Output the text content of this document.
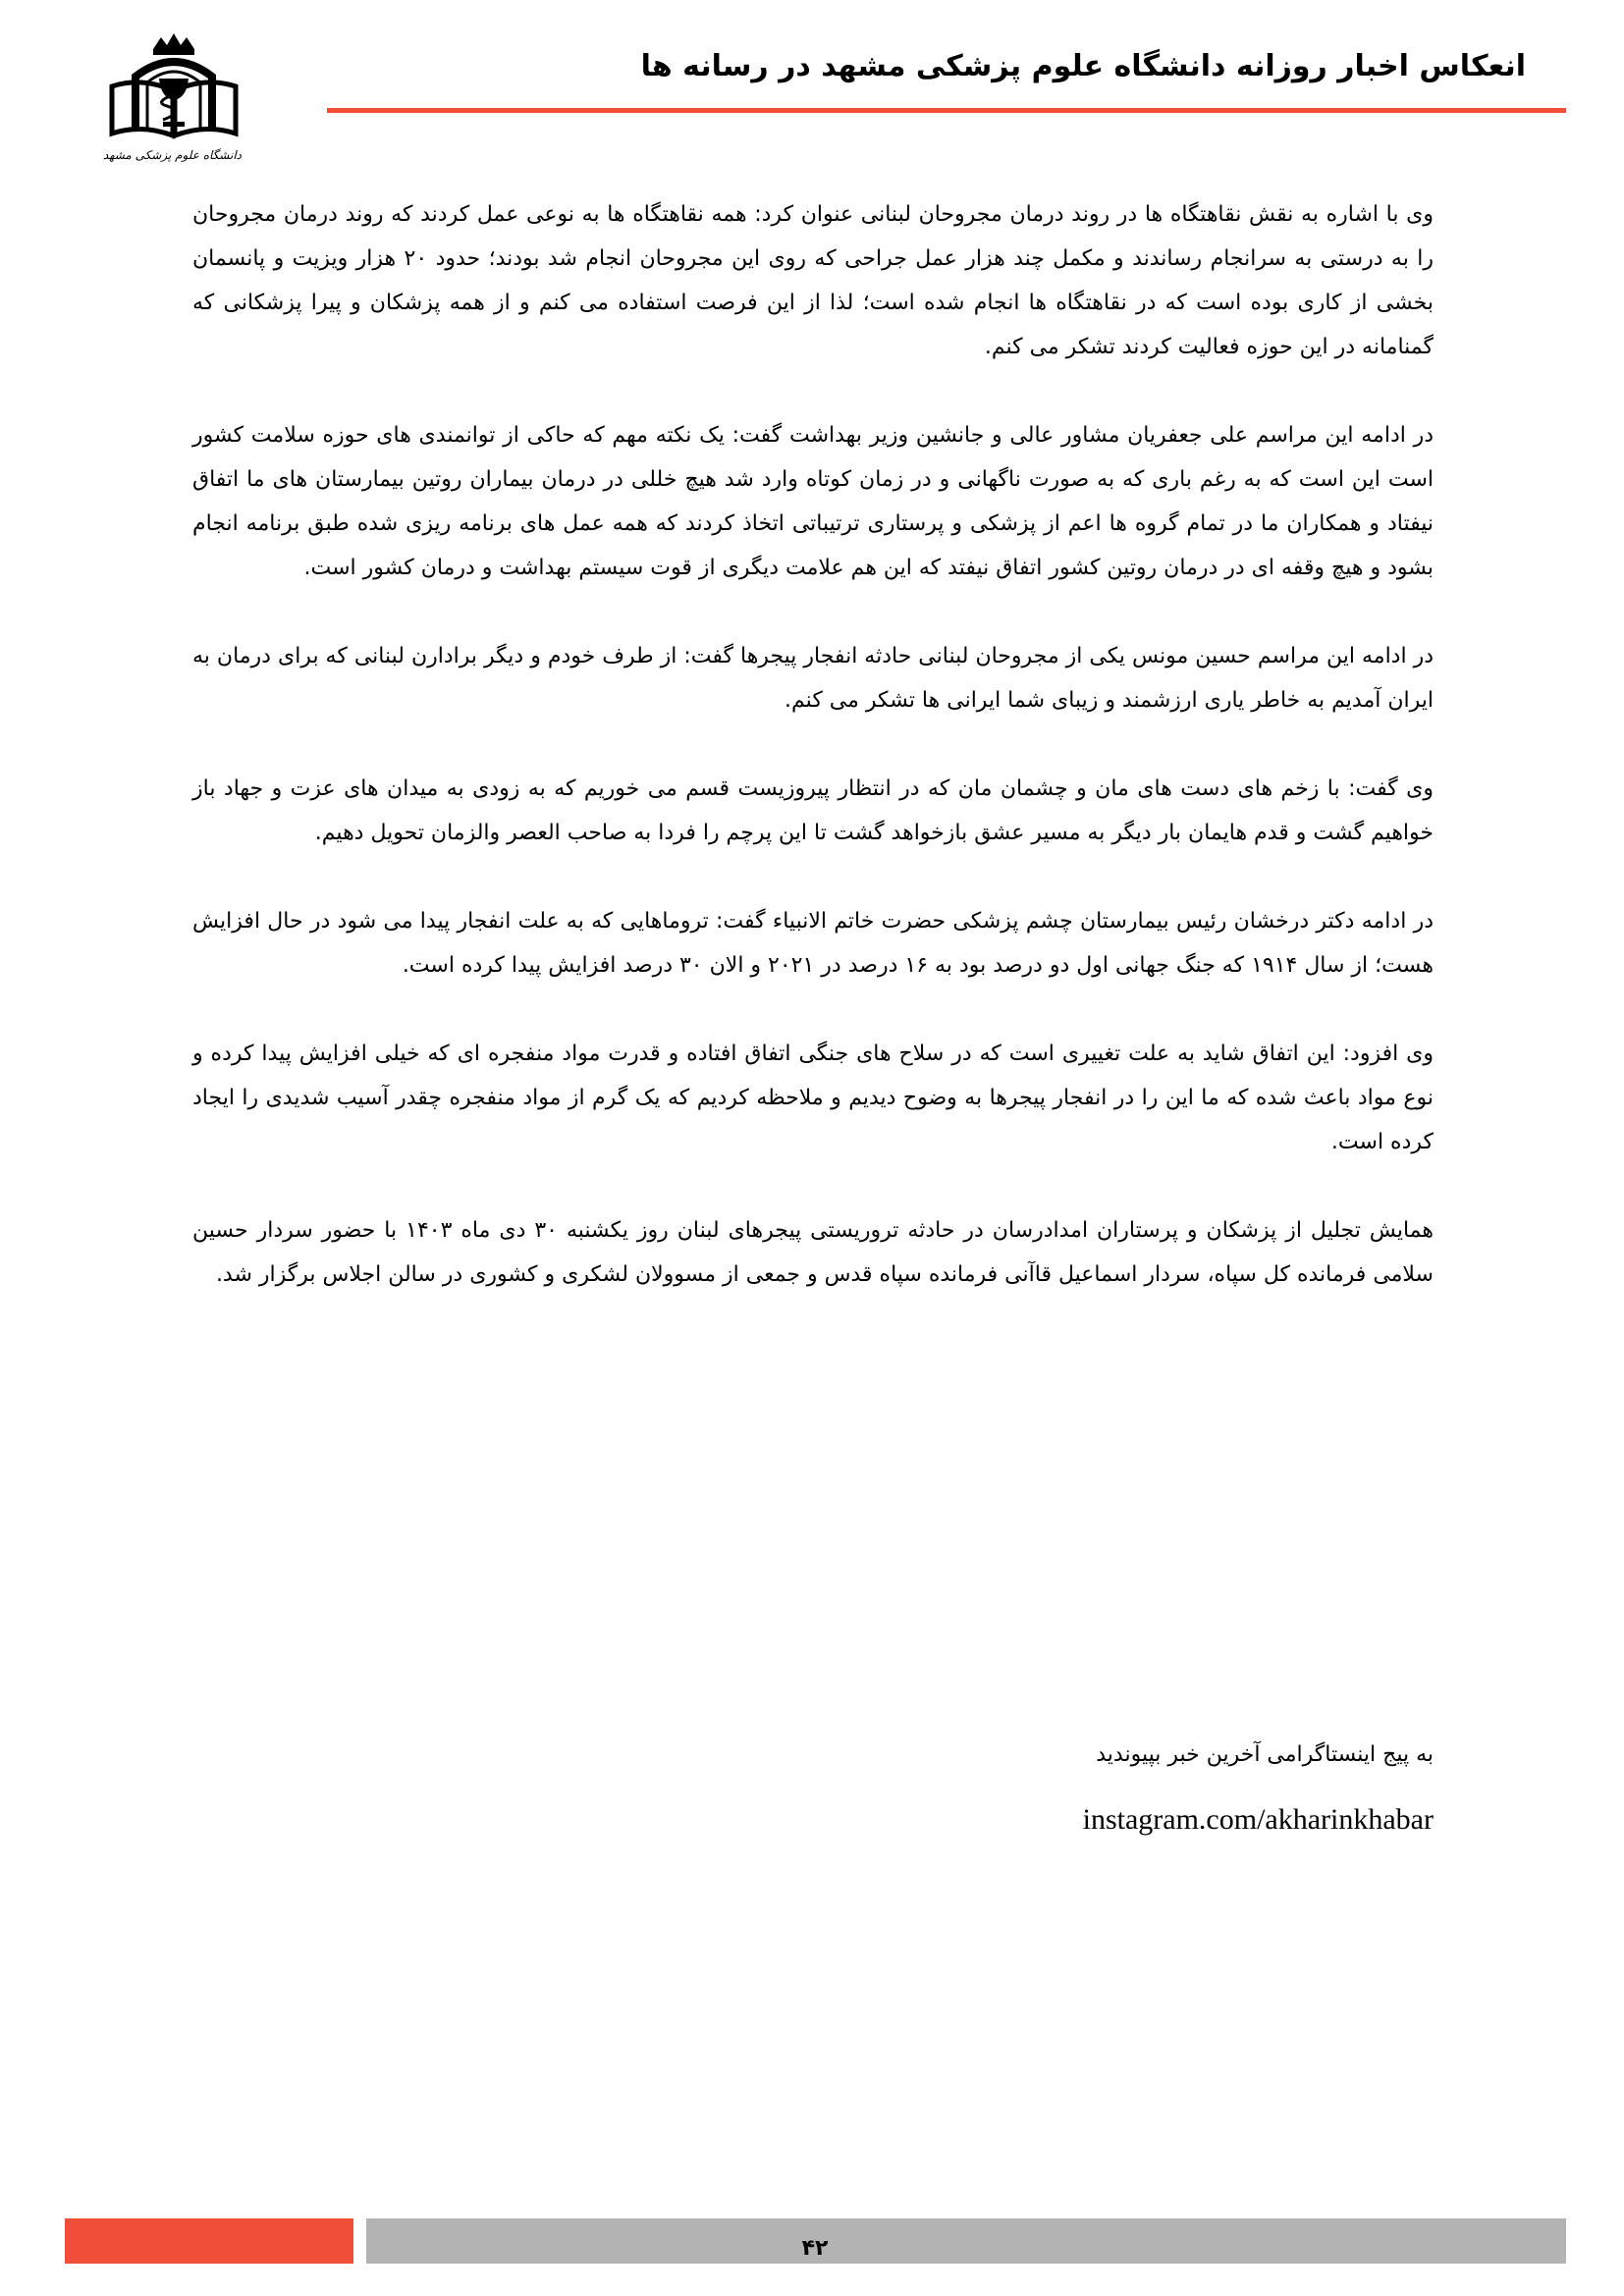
دانشگاه علوم پزشکی مشهد
انعکاس اخبار روزانه دانشگاه علوم پزشکی مشهد در رسانه ها

وی با اشاره به نقش نقاهتگاه ها در روند درمان مجروحان لبنانی عنوان کرد: همه نقاهتگاه ها به نوعی عمل کردند که روند درمان مجروحان را به درستی به سرانجام رساندند و مکمل چند هزار عمل جراحی که روی این مجروحان انجام شد بودند؛ حدود ۲۰ هزار ویزیت و پانسمان بخشی از کاری بوده است که در نقاهتگاه ها انجام شده است؛ لذا از این فرصت استفاده می کنم و از همه پزشکان و پیرا پزشکانی که گمنامانه در این حوزه فعالیت کردند تشکر می کنم.

در ادامه این مراسم علی جعفریان مشاور عالی و جانشین وزیر بهداشت گفت: یک نکته مهم که حاکی از توانمندی های حوزه سلامت کشور است این است که به رغم باری که به صورت ناگهانی و در زمان کوتاه وارد شد هیچ خللی در درمان بیماران روتین بیمارستان های ما اتفاق نیفتاد و همکاران ما در تمام گروه ها اعم از پزشکی و پرستاری ترتیباتی اتخاذ کردند که همه عمل های برنامه ریزی شده طبق برنامه انجام بشود و هیچ وقفه ای در درمان روتین کشور اتفاق نیفتد که این هم علامت دیگری از قوت سیستم بهداشت و درمان کشور است.

در ادامه این مراسم حسین مونس یکی از مجروحان لبنانی حادثه انفجار پیجرها گفت: از طرف خودم و دیگر برادارن لبنانی که برای درمان به ایران آمدیم به خاطر یاری ارزشمند و زیبای شما ایرانی ها تشکر می کنم.

وی گفت: با زخم های دست های مان و چشمان مان که در انتظار پیروزیست قسم می خوریم که به زودی به میدان های عزت و جهاد باز خواهیم گشت و قدم هایمان بار دیگر به مسیر عشق بازخواهد گشت تا این پرچم را فردا به صاحب العصر والزمان تحویل دهیم.

در ادامه دکتر درخشان رئیس بیمارستان چشم پزشکی حضرت خاتم الانبیاء گفت: تروماهایی که به علت انفجار پیدا می شود در حال افزایش هست؛ از سال ۱۹۱۴ که جنگ جهانی اول دو درصد بود به ۱۶ درصد در ۲۰۲۱ و الان ۳۰ درصد افزایش پیدا کرده است.

وی افزود: این اتفاق شاید به علت تغییری است که در سلاح های جنگی اتفاق افتاده و قدرت مواد منفجره ای که خیلی افزایش پیدا کرده و نوع مواد باعث شده که ما این را در انفجار پیجرها به وضوح دیدیم و ملاحظه کردیم که یک گرم از مواد منفجره چقدر آسیب شدیدی را ایجاد کرده است.

همایش تجلیل از پزشکان و پرستاران امدادرسان در حادثه تروریستی پیجرهای لبنان روز یکشنبه ۳۰ دی ماه ۱۴۰۳ با حضور سردار حسین سلامی فرمانده کل سپاه، سردار اسماعیل قاآنی فرمانده سپاه قدس و جمعی از مسوولان لشکری و کشوری در سالن اجلاس برگزار شد.

به پیج اینستاگرامی آخرین خبر بپیوندید
instagram.com/akharinkhabar
۴۲
